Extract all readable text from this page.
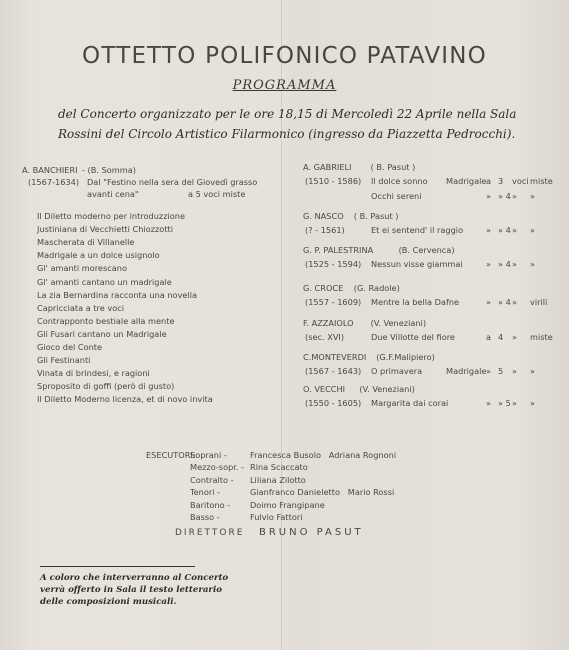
OTTETTO POLIFONICO PATAVINO
PROGRAMMA
del Concerto organizzato per le ore 18,15 di Mercoledì 22 Aprile nella Sala Rossini del Circolo Artistico Filarmonico (ingresso da Piazzetta Pedrocchi).
A. BANCHIERI - (B. Somma)
(1567-1634) Dal "Festino nella sera del Giovedì grasso
avanti cena"	a 5 voci miste
Il Diletto moderno per introduzzione
Justiniana di Vecchietti Chiozzotti
Mascherata di Villanelle
Madrigale a un dolce usignolo
Gl' amanti morescano
Gl' amanti cantano un madrigale
La zia Bernardina racconta una novella
Capricciata a tre voci
Contrapponto bestiale alla mente
Gli Fusari cantano un Madrigale
Gioco del Conte
Gli Festinanti
Vinata di brindesi, e ragioni
Sproposito di goffi (però di gusto)
Il Diletto Moderno licenza, et di novo invita
A. GABRIELI ( B. Pasut )
(1510 - 1586) Il dolce sonno Madrigale a 3 voci miste
Occhi sereni	» » 4 » »
G. NASCO ( B. Pasut )
(? - 1561)	Et ei sentend' il raggio	» » 4 » »
G. P. PALESTRINA	(B. Cervenca)
(1525 - 1594) Nessun visse giammai	» » 4 » »
G. CROCE (G. Radole)
(1557 - 1609) Mentre la bella Dafne	» » 4 » virili
F. AZZAIOLO (V. Veneziani)
(sec. XVI)	Due Villotte del fiore	a 4 » miste
C.MONTEVERDI (G.F.Malipiero)
(1567 - 1643) O primavera	Madrigale » 5 » »
O. VECCHI (V. Veneziani)
(1550 - 1605) Margarita dai corai	» » 5 » »
ESECUTORI:
Soprani -	Francesca Busolo   Adriana Rognoni
Mezzo-sopr. - Rina Scaccato
Contralto - Liliana Zilotto
Tenori -	Gianfranco Danieletto   Mario Rossi
Baritono - Doimo Frangipane
Basso -	Fulvio Fattori
DIRETTORE BRUNO PASUT
A coloro che interverranno al Concerto verrà offerto in Sala il testo letterario delle composizioni musicali.
